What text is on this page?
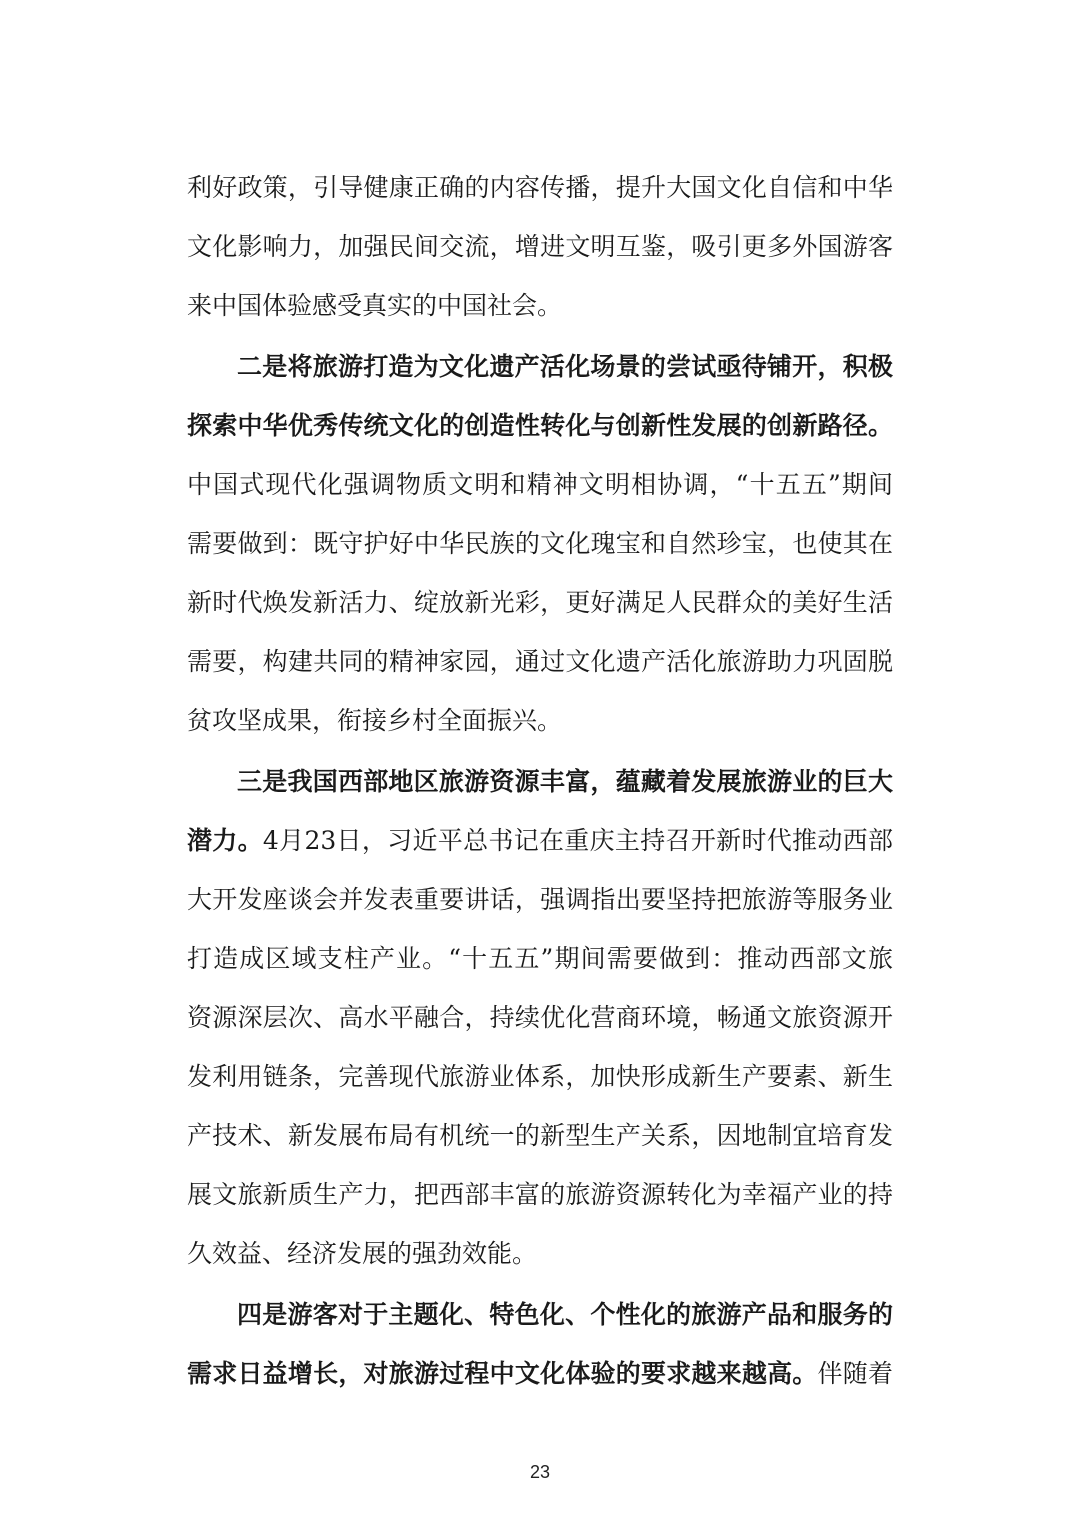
利好政策，引导健康正确的内容传播，提升大国文化自信和中华
文化影响力，加强民间交流，增进文明互鉴，吸引更多外国游客
来中国体验感受真实的中国社会。
二是将旅游打造为文化遗产活化场景的尝试亟待铺开，积极
探索中华优秀传统文化的创造性转化与创新性发展的创新路径。
中国式现代化强调物质文明和精神文明相协调，“十五五”期间
需要做到：既守护好中华民族的文化瑰宝和自然珍宝，也使其在
新时代焕发新活力、绽放新光彩，更好满足人民群众的美好生活
需要，构建共同的精神家园，通过文化遗产活化旅游助力巩固脱
贫攻坚成果，衔接乡村全面振兴。
三是我国西部地区旅游资源丰富，蕴藏着发展旅游业的巨大
潜力。4月23日，习近平总书记在重庆主持召开新时代推动西部
大开发座谈会并发表重要讲话，强调指出要坚持把旅游等服务业
打造成区域支柱产业。“十五五”期间需要做到：推动西部文旅
资源深层次、高水平融合，持续优化营商环境，畅通文旅资源开
发利用链条，完善现代旅游业体系，加快形成新生产要素、新生
产技术、新发展布局有机统一的新型生产关系，因地制宜培育发
展文旅新质生产力，把西部丰富的旅游资源转化为幸福产业的持
久效益、经济发展的强劲效能。
四是游客对于主题化、特色化、个性化的旅游产品和服务的
需求日益增长，对旅游过程中文化体验的要求越来越高。伴随着
23
